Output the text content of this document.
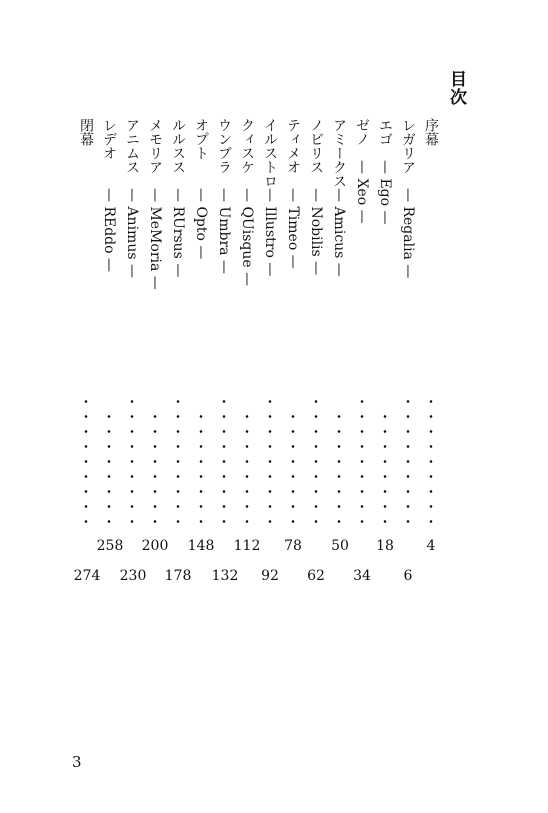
目次
序幕
レガリア— Regalia —
エゴ— Ego —
ゼノ— Xeo —
アミークス— Amicus —
ノビリス— Nobilis —
ティメオ— Timeo —
イルストロ— Illustro —
クィスケ— QUisque —
ウンブラ— Umbra —
オプト— Opto —
ルルスス— RUrsus —
メモリア— MeMoria —
アニムス— Animus —
レデオ— REddo —
閉幕
4
18
50
78
112
148
200
258
6
34
62
92
132
178
230
274
3
